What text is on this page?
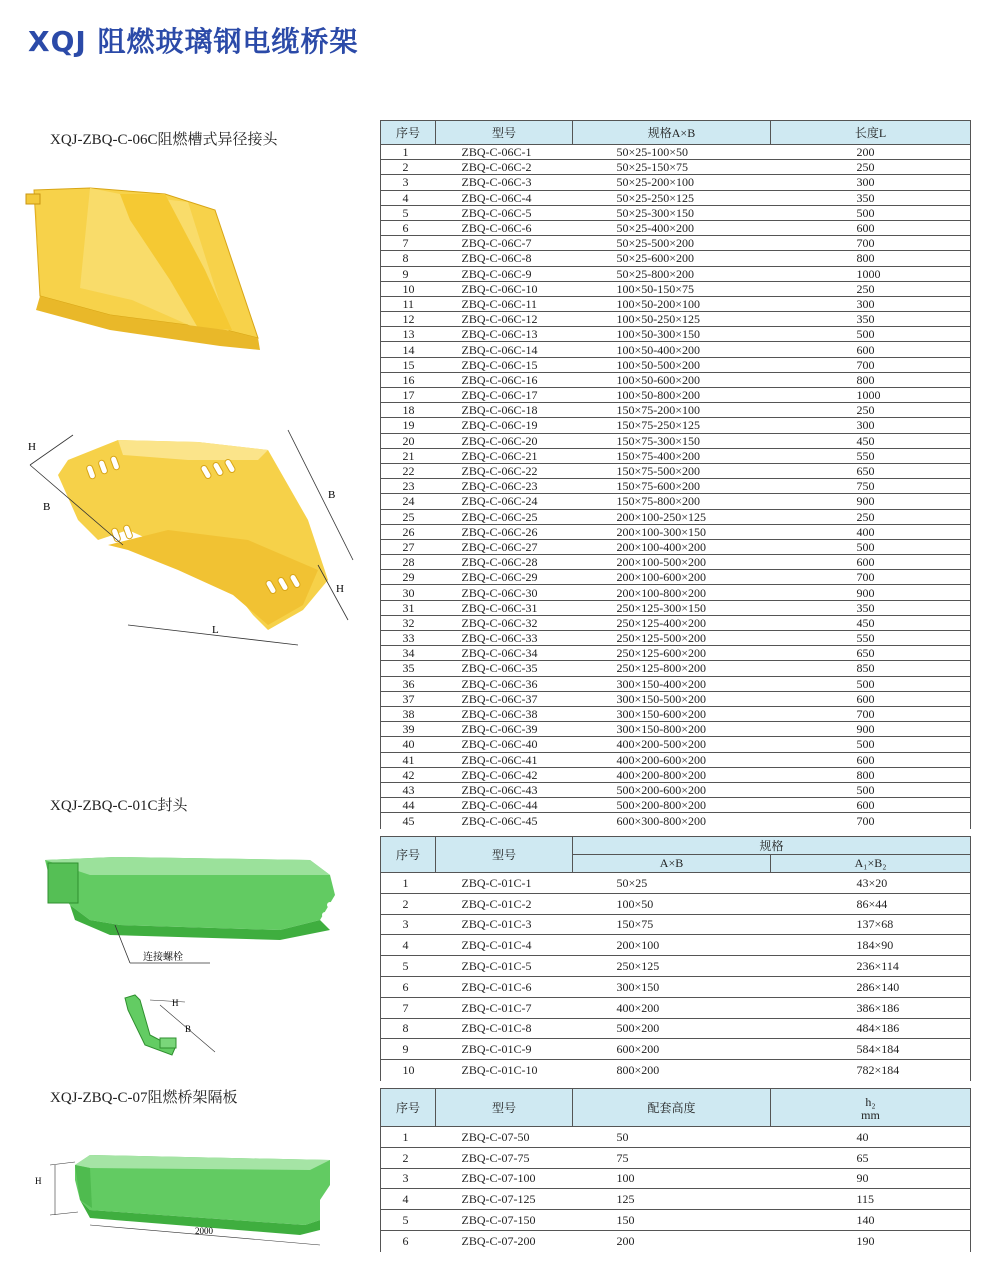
XQJ 阻燃玻璃钢电缆桥架
XQJ-ZBQ-C-06C阻燃槽式异径接头
H
B
B
H
L
序号	型号	规格A×B	长度L
1	ZBQ-C-06C-1	50×25-100×50	200
2	ZBQ-C-06C-2	50×25-150×75	250
3	ZBQ-C-06C-3	50×25-200×100	300
4	ZBQ-C-06C-4	50×25-250×125	350
5	ZBQ-C-06C-5	50×25-300×150	500
6	ZBQ-C-06C-6	50×25-400×200	600
7	ZBQ-C-06C-7	50×25-500×200	700
8	ZBQ-C-06C-8	50×25-600×200	800
9	ZBQ-C-06C-9	50×25-800×200	1000
10	ZBQ-C-06C-10	100×50-150×75	250
11	ZBQ-C-06C-11	100×50-200×100	300
12	ZBQ-C-06C-12	100×50-250×125	350
13	ZBQ-C-06C-13	100×50-300×150	500
14	ZBQ-C-06C-14	100×50-400×200	600
15	ZBQ-C-06C-15	100×50-500×200	700
16	ZBQ-C-06C-16	100×50-600×200	800
17	ZBQ-C-06C-17	100×50-800×200	1000
18	ZBQ-C-06C-18	150×75-200×100	250
19	ZBQ-C-06C-19	150×75-250×125	300
20	ZBQ-C-06C-20	150×75-300×150	450
21	ZBQ-C-06C-21	150×75-400×200	550
22	ZBQ-C-06C-22	150×75-500×200	650
23	ZBQ-C-06C-23	150×75-600×200	750
24	ZBQ-C-06C-24	150×75-800×200	900
25	ZBQ-C-06C-25	200×100-250×125	250
26	ZBQ-C-06C-26	200×100-300×150	400
27	ZBQ-C-06C-27	200×100-400×200	500
28	ZBQ-C-06C-28	200×100-500×200	600
29	ZBQ-C-06C-29	200×100-600×200	700
30	ZBQ-C-06C-30	200×100-800×200	900
31	ZBQ-C-06C-31	250×125-300×150	350
32	ZBQ-C-06C-32	250×125-400×200	450
33	ZBQ-C-06C-33	250×125-500×200	550
34	ZBQ-C-06C-34	250×125-600×200	650
35	ZBQ-C-06C-35	250×125-800×200	850
36	ZBQ-C-06C-36	300×150-400×200	500
37	ZBQ-C-06C-37	300×150-500×200	600
38	ZBQ-C-06C-38	300×150-600×200	700
39	ZBQ-C-06C-39	300×150-800×200	900
40	ZBQ-C-06C-40	400×200-500×200	500
41	ZBQ-C-06C-41	400×200-600×200	600
42	ZBQ-C-06C-42	400×200-800×200	800
43	ZBQ-C-06C-43	500×200-600×200	500
44	ZBQ-C-06C-44	500×200-800×200	600
45	ZBQ-C-06C-45	600×300-800×200	700
XQJ-ZBQ-C-01C封头
连接螺栓
H
B
序号	型号	规格	
		A×B	A₁×B₂
1	ZBQ-C-01C-1	50×25	43×20
2	ZBQ-C-01C-2	100×50	86×44
3	ZBQ-C-01C-3	150×75	137×68
4	ZBQ-C-01C-4	200×100	184×90
5	ZBQ-C-01C-5	250×125	236×114
6	ZBQ-C-01C-6	300×150	286×140
7	ZBQ-C-01C-7	400×200	386×186
8	ZBQ-C-01C-8	500×200	484×186
9	ZBQ-C-01C-9	600×200	584×184
10	ZBQ-C-01C-10	800×200	782×184
XQJ-ZBQ-C-07阻燃桥架隔板
H
2000
序号	型号	配套高度	h₂
mm

1	ZBQ-C-07-50	50	40
2	ZBQ-C-07-75	75	65
3	ZBQ-C-07-100	100	90
4	ZBQ-C-07-125	125	115
5	ZBQ-C-07-150	150	140
6	ZBQ-C-07-200	200	190
